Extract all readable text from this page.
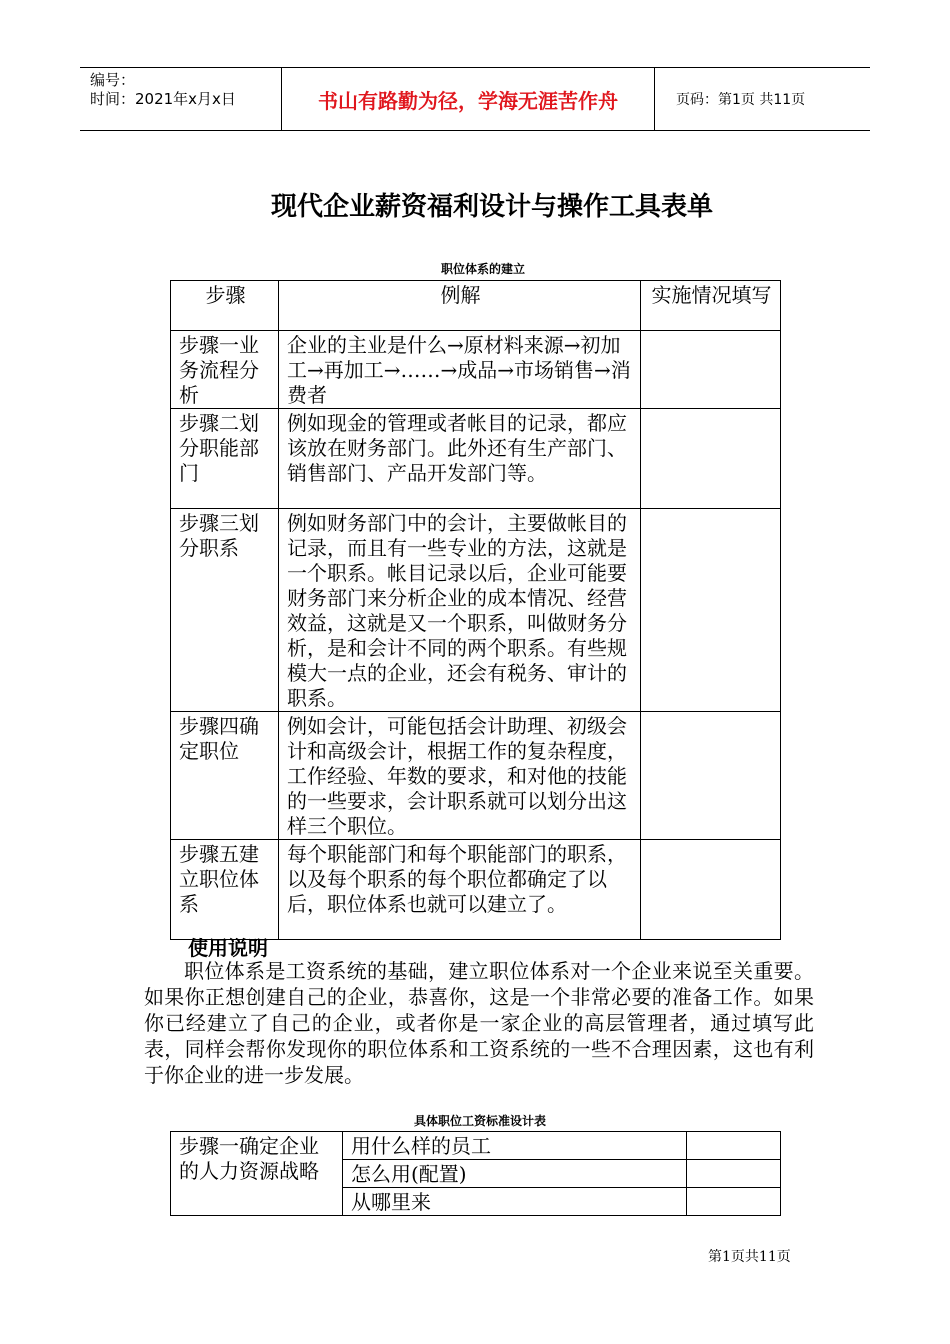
编号：
时间：2021年x月x日	书山有路勤为径，学海无涯苦作舟	页码：第1页 共11页
现代企业薪资福利设计与操作工具表单
职位体系的建立
步骤	例解	实施情况填写
步骤一业务流程分析	企业的主业是什么→原材料来源→初加工→再加工→……→成品→市场销售→消费者	
步骤二划分职能部门	例如现金的管理或者帐目的记录，都应该放在财务部门。此外还有生产部门、销售部门、产品开发部门等。	
步骤三划分职系	例如财务部门中的会计，主要做帐目的记录，而且有一些专业的方法，这就是一个职系。帐目记录以后，企业可能要财务部门来分析企业的成本情况、经营效益，这就是又一个职系，叫做财务分析，是和会计不同的两个职系。有些规模大一点的企业，还会有税务、审计的职系。	
步骤四确定职位	例如会计，可能包括会计助理、初级会计和高级会计，根据工作的复杂程度，工作经验、年数的要求，和对他的技能的一些要求，会计职系就可以划分出这样三个职位。	
步骤五建立职位体系	每个职能部门和每个职能部门的职系，以及每个职系的每个职位都确定了以后，职位体系也就可以建立了。	
使用说明

职位体系是工资系统的基础，建立职位体系对一个企业来说至关重要。如果你正想创建自己的企业，恭喜你，这是一个非常必要的准备工作。如果你已经建立了自己的企业，或者你是一家企业的高层管理者，通过填写此表，同样会帮你发现你的职位体系和工资系统的一些不合理因素，这也有利于你企业的进一步发展。

具体职位工资标准设计表
步骤一确定企业的人力资源战略	用什么样的员工	
	怎么用(配置)	
	从哪里来	
第1页共11页
